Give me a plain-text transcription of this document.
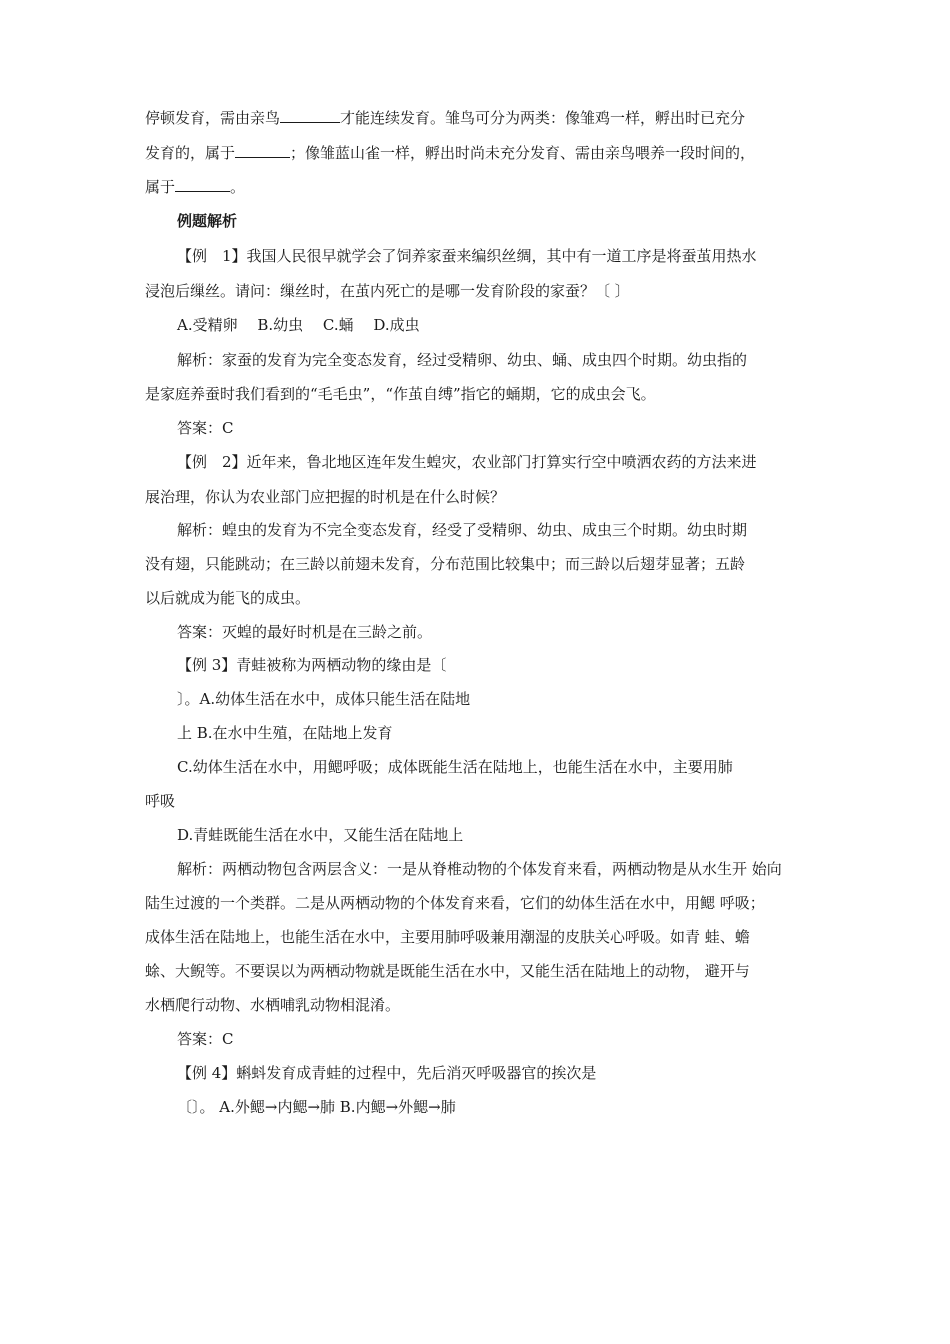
停顿发育，需由亲鸟	才能连续发育。雏鸟可分为两类：像雏鸡一样，孵出时已充分
发育的，属于	；像雏蓝山雀一样，孵出时尚未充分发育、需由亲鸟喂养一段时间的，
属于	。
例题解析
【例　1】我国人民很早就学会了饲养家蚕来编织丝绸，其中有一道工序是将蚕茧用热水
浸泡后缫丝。请问：缫丝时，在茧内死亡的是哪一发育阶段的家蚕？〔 〕
A.受精卵　 B.幼虫　 C.蛹　 D.成虫
解析：家蚕的发育为完全变态发育，经过受精卵、幼虫、蛹、成虫四个时期。幼虫指的
是家庭养蚕时我们看到的“毛毛虫”，“作茧自缚”指它的蛹期，它的成虫会飞。
答案：C
【例　2】近年来，鲁北地区连年发生蝗灾，农业部门打算实行空中喷洒农药的方法来进
展治理，你认为农业部门应把握的时机是在什么时候？
解析：蝗虫的发育为不完全变态发育，经受了受精卵、幼虫、成虫三个时期。幼虫时期
没有翅，只能跳动；在三龄以前翅未发育，分布范围比较集中；而三龄以后翅芽显著；五龄
以后就成为能飞的成虫。
答案：灭蝗的最好时机是在三龄之前。
【例 3】青蛙被称为两栖动物的缘由是〔
〕。A.幼体生活在水中，成体只能生活在陆地
上 B.在水中生殖，在陆地上发育
C.幼体生活在水中，用鳃呼吸；成体既能生活在陆地上，也能生活在水中，主要用肺
呼吸
D.青蛙既能生活在水中，又能生活在陆地上
解析：两栖动物包含两层含义：一是从脊椎动物的个体发育来看，两栖动物是从水生开 始向
陆生过渡的一个类群。二是从两栖动物的个体发育来看，它们的幼体生活在水中，用鳃 呼吸；
成体生活在陆地上，也能生活在水中，主要用肺呼吸兼用潮湿的皮肤关心呼吸。如青 蛙、蟾
蜍、大鲵等。不要误以为两栖动物就是既能生活在水中，又能生活在陆地上的动物， 避开与
水栖爬行动物、水栖哺乳动物相混淆。
答案：C
【例 4】蝌蚪发育成青蛙的过程中，先后消灭呼吸器官的挨次是
〔〕。 A.外鳃→内鳃→肺 B.内鳃→外鳃→肺
